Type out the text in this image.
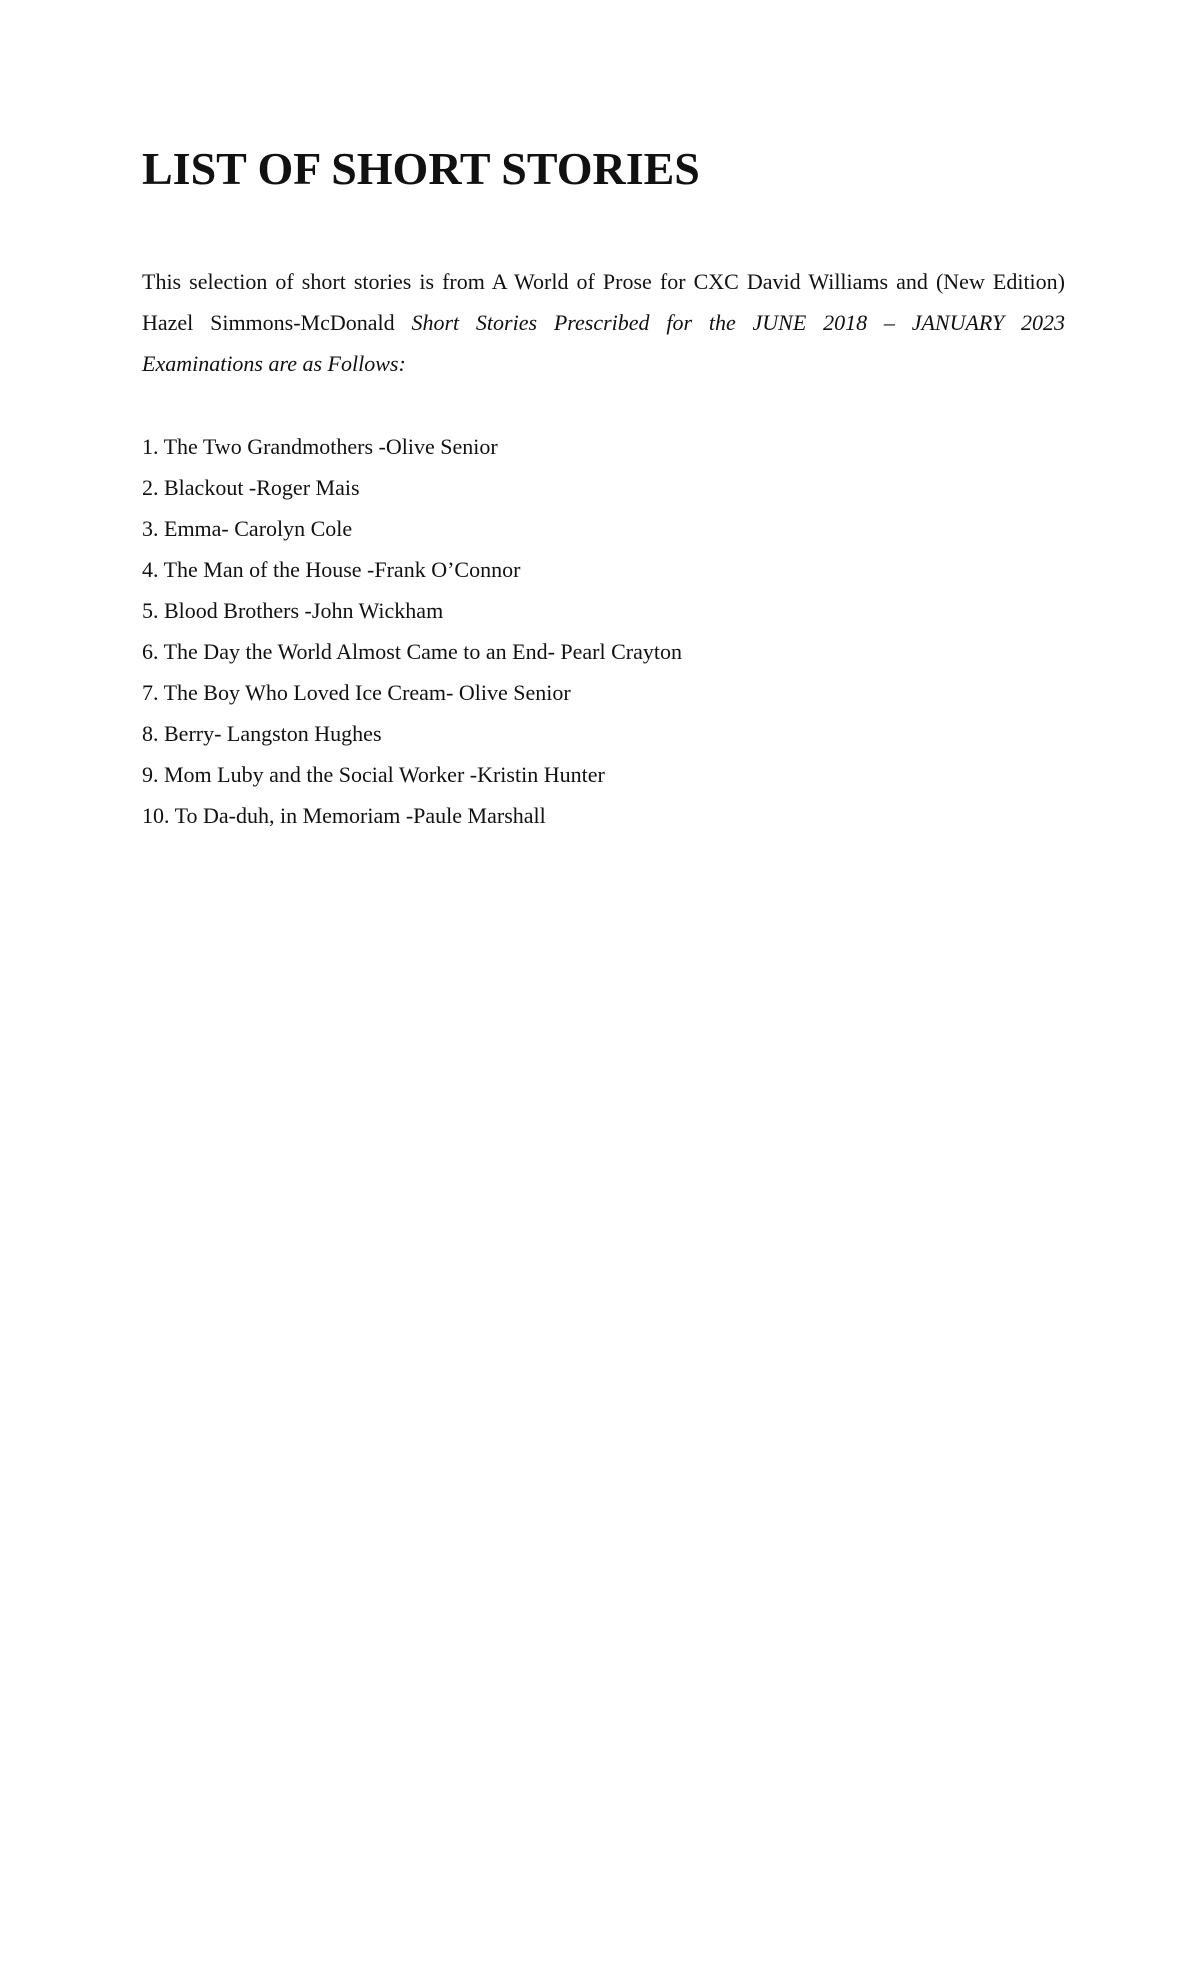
LIST OF SHORT STORIES

This selection of short stories is from A World of Prose for CXC David Williams and (New Edition) Hazel Simmons-McDonald Short Stories Prescribed for the JUNE 2018 – JANUARY 2023 Examinations are as Follows:

1. The Two Grandmothers -Olive Senior
2. Blackout -Roger Mais
3. Emma- Carolyn Cole
4. The Man of the House -Frank O’Connor
5. Blood Brothers -John Wickham
6. The Day the World Almost Came to an End- Pearl Crayton
7. The Boy Who Loved Ice Cream- Olive Senior
8. Berry- Langston Hughes
9. Mom Luby and the Social Worker -Kristin Hunter
10. To Da-duh, in Memoriam -Paule Marshall
